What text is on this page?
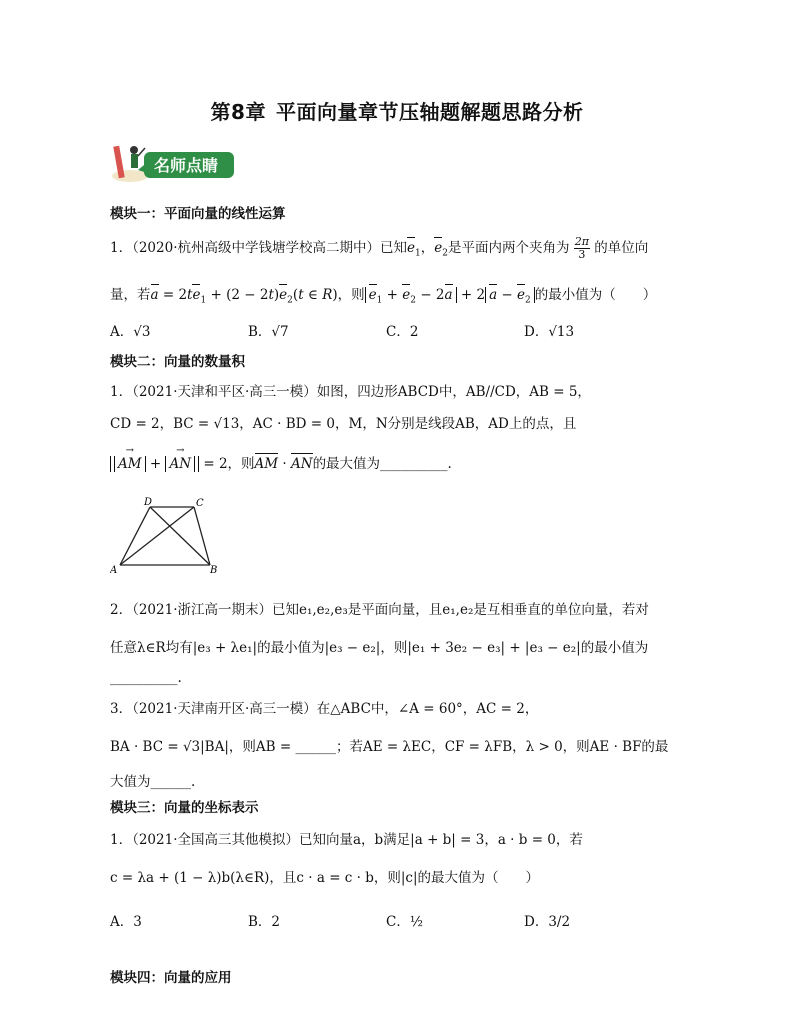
第8章 平面向量章节压轴题解题思路分析
名师点睛
模块一：平面向量的线性运算
1．（2020·杭州高级中学钱塘学校高二期中）已知$e_1$，$e_2$是平面内两个夹角为 $\frac{2\pi}{3}$ 的单位向
量，若$a = 2te_1 + (2 - 2t)e_2(t$ ∈ R)，则 $e_1 + e_2 - 2a + 2$ $a - e_2$ 的最小值为（　　）
A．√3	B．√7	C．2	D．√13
模块二：向量的数量积
1．（2021·天津和平区·高三一模）如图，四边形ABCD中，AB//CD，AB = 5，
CD = 2，BC = √13，AC · BD = 0，M，N分别是线段AB，AD上的点，且
→ AM + → AN = 2，则AM · AN的最大值为__________.
D	C
A	B
2．（2021·浙江高一期末）已知e₁,e₂,e₃是平面向量，且e₁,e₂是互相垂直的单位向量，若对
任意λ∈R均有|e₃ + λe₁|的最小值为|e₃ − e₂|，则|e₁ + 3e₂ − e₃| + |e₃ − e₂|的最小值为
__________.
3．（2021·天津南开区·高三一模）在△ABC中，∠A = 60°，AC = 2，
BA · BC = √3|BA|，则AB = ______；若AE = λEC，CF = λFB，λ > 0，则AE · BF的最
大值为______.
模块三：向量的坐标表示
1．（2021·全国高三其他模拟）已知向量a，b满足|a + b| = 3，a · b = 0，若
c = λa + (1 − λ)b(λ∈R)，且c · a = c · b，则|c|的最大值为（　　）
A．3	B．2	C．½	D．3/2
模块四：向量的应用
